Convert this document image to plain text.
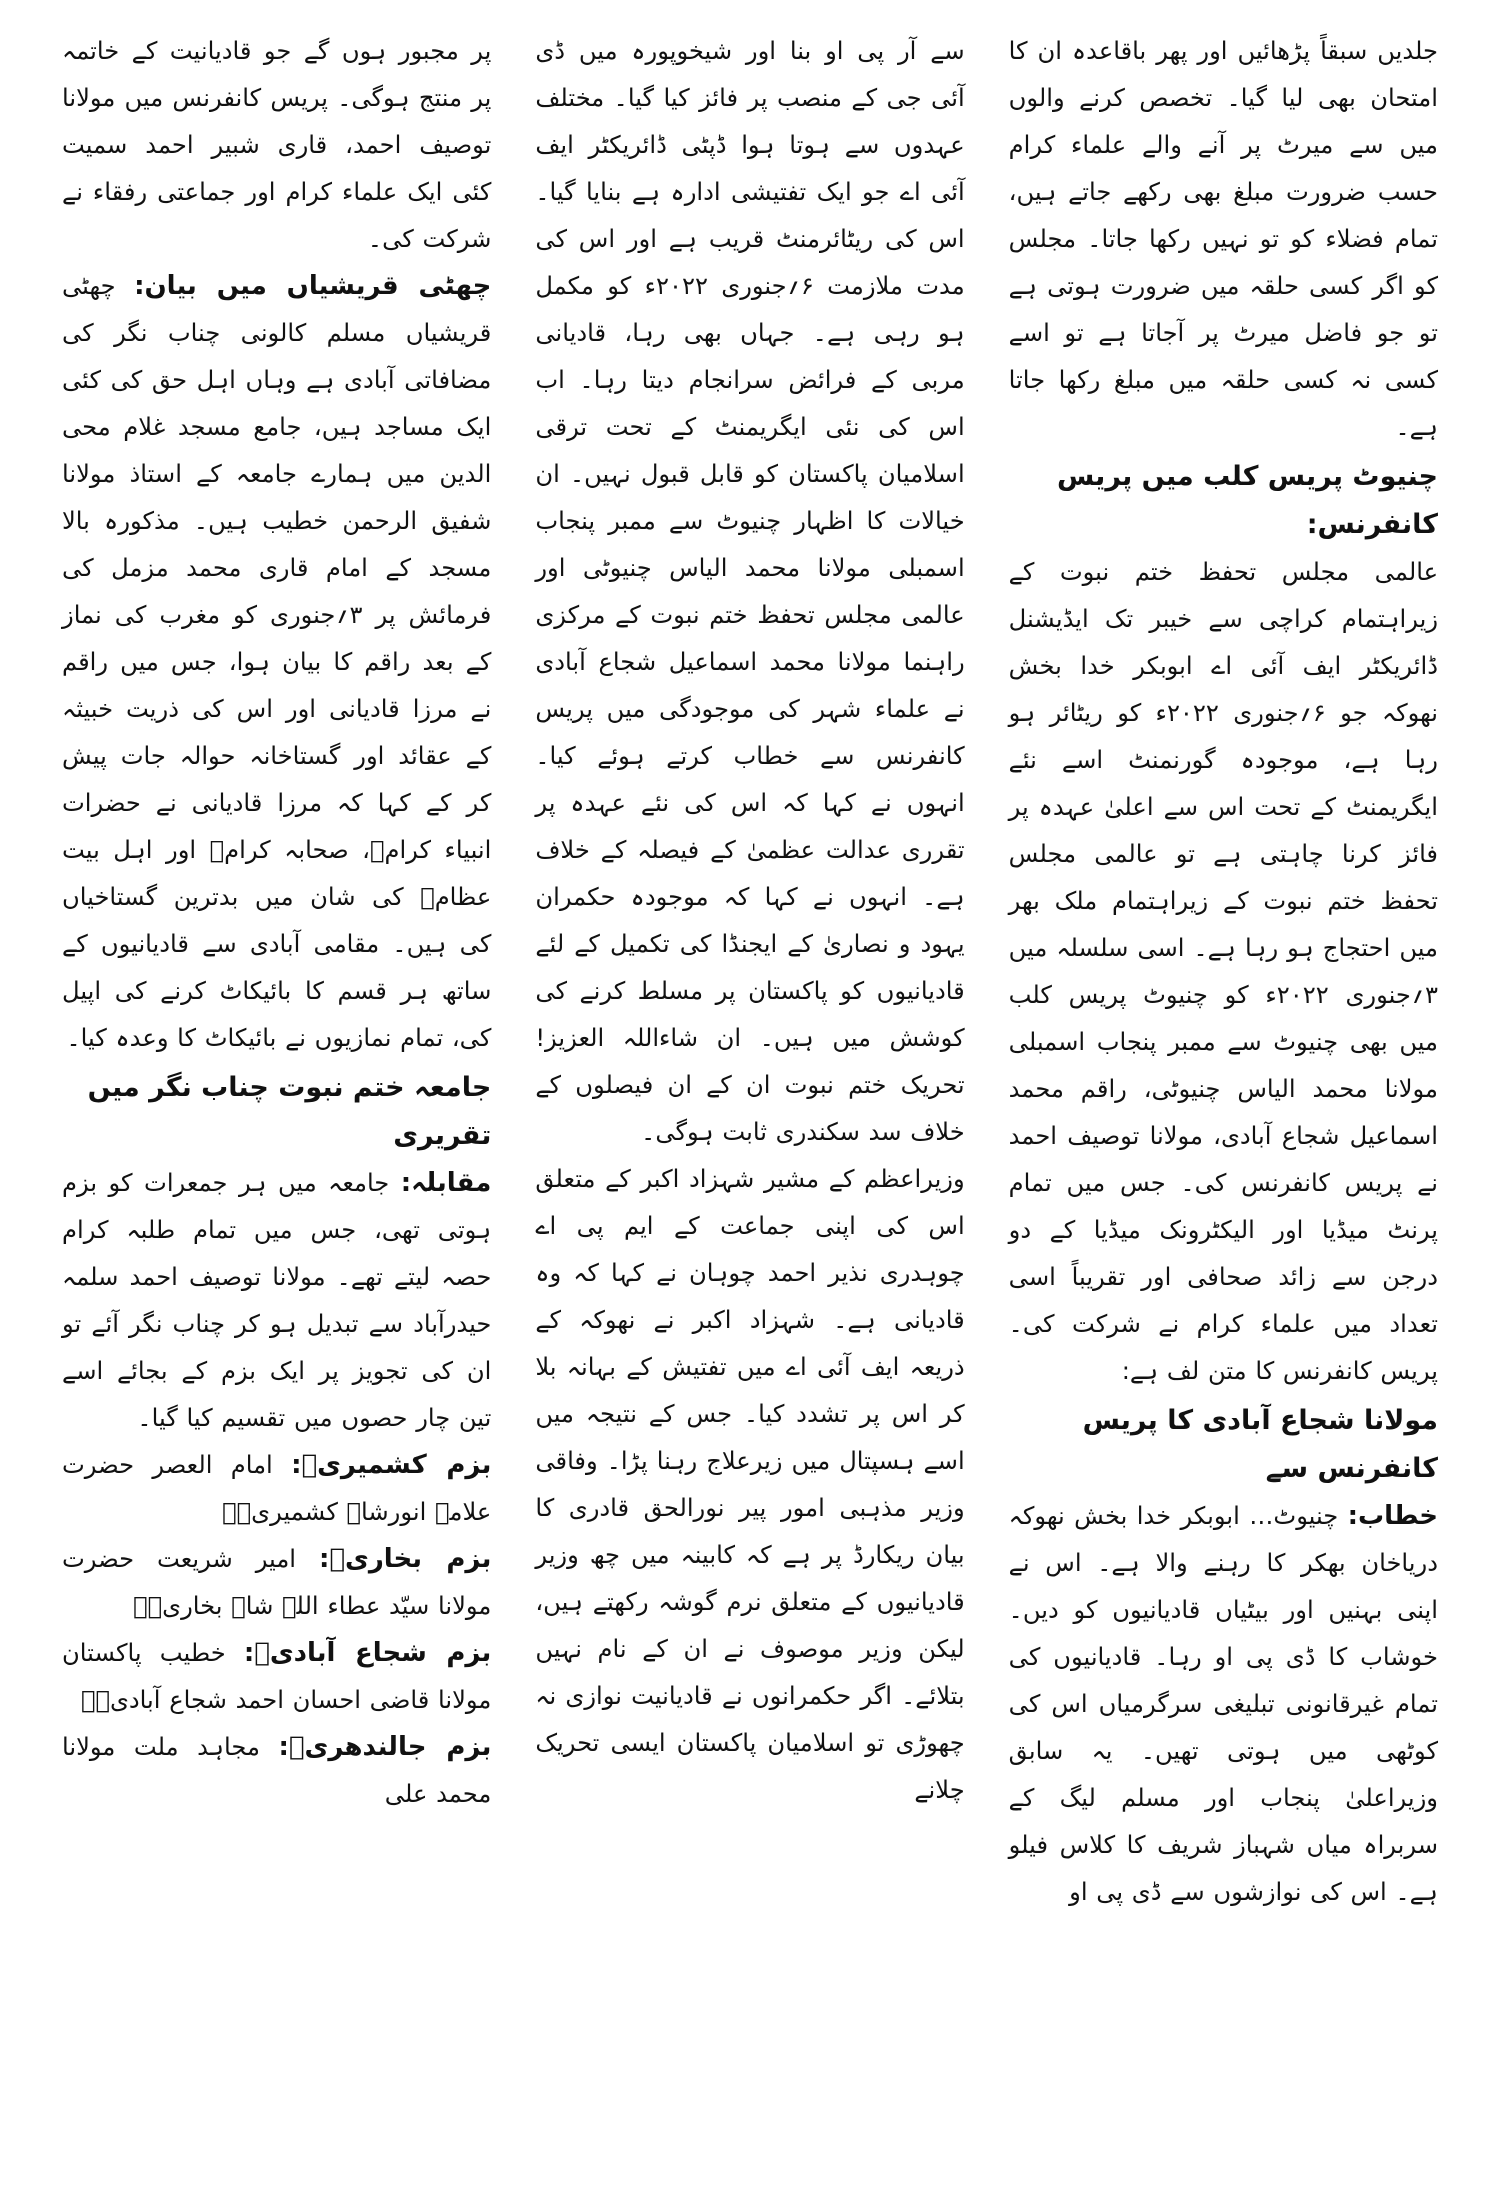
جلدیں سبقاً پڑھائیں اور پھر باقاعدہ ان کا امتحان بھی لیا گیا۔ تخصص کرنے والوں میں سے میرٹ پر آنے والے علماء کرام حسب ضرورت مبلغ بھی رکھے جاتے ہیں، تمام فضلاء کو تو نہیں رکھا جاتا۔ مجلس کو اگر کسی حلقہ میں ضرورت ہوتی ہے تو جو فاضل میرٹ پر آجاتا ہے تو اسے کسی نہ کسی حلقہ میں مبلغ رکھا جاتا ہے۔

چنیوٹ پریس کلب میں پریس کانفرنس:

عالمی مجلس تحفظ ختم نبوت کے زیراہتمام کراچی سے خیبر تک ایڈیشنل ڈائریکٹر ایف آئی اے ابوبکر خدا بخش نھوکہ جو ۶؍جنوری ۲۰۲۲ء کو ریٹائر ہو رہا ہے، موجودہ گورنمنٹ اسے نئے ایگریمنٹ کے تحت اس سے اعلیٰ عہدہ پر فائز کرنا چاہتی ہے تو عالمی مجلس تحفظ ختم نبوت کے زیراہتمام ملک بھر میں احتجاج ہو رہا ہے۔ اسی سلسلہ میں ۳؍جنوری ۲۰۲۲ء کو چنیوٹ پریس کلب میں بھی چنیوٹ سے ممبر پنجاب اسمبلی مولانا محمد الیاس چنیوٹی، راقم محمد اسماعیل شجاع آبادی، مولانا توصیف احمد نے پریس کانفرنس کی۔ جس میں تمام پرنٹ میڈیا اور الیکٹرونک میڈیا کے دو درجن سے زائد صحافی اور تقریباً اسی تعداد میں علماء کرام نے شرکت کی۔ پریس کانفرنس کا متن لف ہے:

مولانا شجاع آبادی کا پریس کانفرنس سے

خطاب: چنیوٹ… ابوبکر خدا بخش نھوکہ دریاخان بھکر کا رہنے والا ہے۔ اس نے اپنی بہنیں اور بیٹیاں قادیانیوں کو دیں۔ خوشاب کا ڈی پی او رہا۔ قادیانیوں کی تمام غیرقانونی تبلیغی سرگرمیاں اس کی کوٹھی میں ہوتی تھیں۔ یہ سابق وزیراعلیٰ پنجاب اور مسلم لیگ کے سربراہ میاں شہباز شریف کا کلاس فیلو ہے۔ اس کی نوازشوں سے ڈی پی او

سے آر پی او بنا اور شیخوپورہ میں ڈی آئی جی کے منصب پر فائز کیا گیا۔ مختلف عہدوں سے ہوتا ہوا ڈپٹی ڈائریکٹر ایف آئی اے جو ایک تفتیشی ادارہ ہے بنایا گیا۔ اس کی ریٹائرمنٹ قریب ہے اور اس کی مدت ملازمت ۶؍جنوری ۲۰۲۲ء کو مکمل ہو رہی ہے۔ جہاں بھی رہا، قادیانی مربی کے فرائض سرانجام دیتا رہا۔ اب اس کی نئی ایگریمنٹ کے تحت ترقی اسلامیان پاکستان کو قابل قبول نہیں۔ ان خیالات کا اظہار چنیوٹ سے ممبر پنجاب اسمبلی مولانا محمد الیاس چنیوٹی اور عالمی مجلس تحفظ ختم نبوت کے مرکزی راہنما مولانا محمد اسماعیل شجاع آبادی نے علماء شہر کی موجودگی میں پریس کانفرنس سے خطاب کرتے ہوئے کیا۔ انہوں نے کہا کہ اس کی نئے عہدہ پر تقرری عدالت عظمیٰ کے فیصلہ کے خلاف ہے۔ انہوں نے کہا کہ موجودہ حکمران یہود و نصاریٰ کے ایجنڈا کی تکمیل کے لئے قادیانیوں کو پاکستان پر مسلط کرنے کی کوشش میں ہیں۔ ان شاءاللہ العزیز! تحریک ختم نبوت ان کے ان فیصلوں کے خلاف سد سکندری ثابت ہوگی۔

وزیراعظم کے مشیر شہزاد اکبر کے متعلق اس کی اپنی جماعت کے ایم پی اے چوہدری نذیر احمد چوہان نے کہا کہ وہ قادیانی ہے۔ شہزاد اکبر نے نھوکہ کے ذریعہ ایف آئی اے میں تفتیش کے بہانہ بلا کر اس پر تشدد کیا۔ جس کے نتیجہ میں اسے ہسپتال میں زیرعلاج رہنا پڑا۔ وفاقی وزیر مذہبی امور پیر نورالحق قادری کا بیان ریکارڈ پر ہے کہ کابینہ میں چھ وزیر قادیانیوں کے متعلق نرم گوشہ رکھتے ہیں، لیکن وزیر موصوف نے ان کے نام نہیں بتلائے۔ اگر حکمرانوں نے قادیانیت نوازی نہ چھوڑی تو اسلامیان پاکستان ایسی تحریک چلانے

پر مجبور ہوں گے جو قادیانیت کے خاتمہ پر منتج ہوگی۔ پریس کانفرنس میں مولانا توصیف احمد، قاری شبیر احمد سمیت کئی ایک علماء کرام اور جماعتی رفقاء نے شرکت کی۔

چھٹی قریشیاں میں بیان: چھٹی قریشیاں مسلم کالونی چناب نگر کی مضافاتی آبادی ہے وہاں اہل حق کی کئی ایک مساجد ہیں، جامع مسجد غلام محی الدین میں ہمارے جامعہ کے استاذ مولانا شفیق الرحمن خطیب ہیں۔ مذکورہ بالا مسجد کے امام قاری محمد مزمل کی فرمائش پر ۳؍جنوری کو مغرب کی نماز کے بعد راقم کا بیان ہوا، جس میں راقم نے مرزا قادیانی اور اس کی ذریت خبیثہ کے عقائد اور گستاخانہ حوالہ جات پیش کر کے کہا کہ مرزا قادیانی نے حضرات انبیاء کرامؑ، صحابہ کرامؓ اور اہل بیت عظامؓ کی شان میں بدترین گستاخیاں کی ہیں۔ مقامی آبادی سے قادیانیوں کے ساتھ ہر قسم کا بائیکاٹ کرنے کی اپیل کی، تمام نمازیوں نے بائیکاٹ کا وعدہ کیا۔

جامعہ ختم نبوت چناب نگر میں تقریری

مقابلہ: جامعہ میں ہر جمعرات کو بزم ہوتی تھی، جس میں تمام طلبہ کرام حصہ لیتے تھے۔ مولانا توصیف احمد سلمہ حیدرآباد سے تبدیل ہو کر چناب نگر آئے تو ان کی تجویز پر ایک بزم کے بجائے اسے تین چار حصوں میں تقسیم کیا گیا۔

بزم کشمیریؒ: امام العصر حضرت علامہ انورشاہ کشمیریؒ۔

بزم بخاریؒ: امیر شریعت حضرت مولانا سیّد عطاء اللہ شاہ بخاریؒ۔

بزم شجاع آبادیؒ: خطیب پاکستان مولانا قاضی احسان احمد شجاع آبادیؒ۔

بزم جالندھریؒ: مجاہد ملت مولانا محمد علی
